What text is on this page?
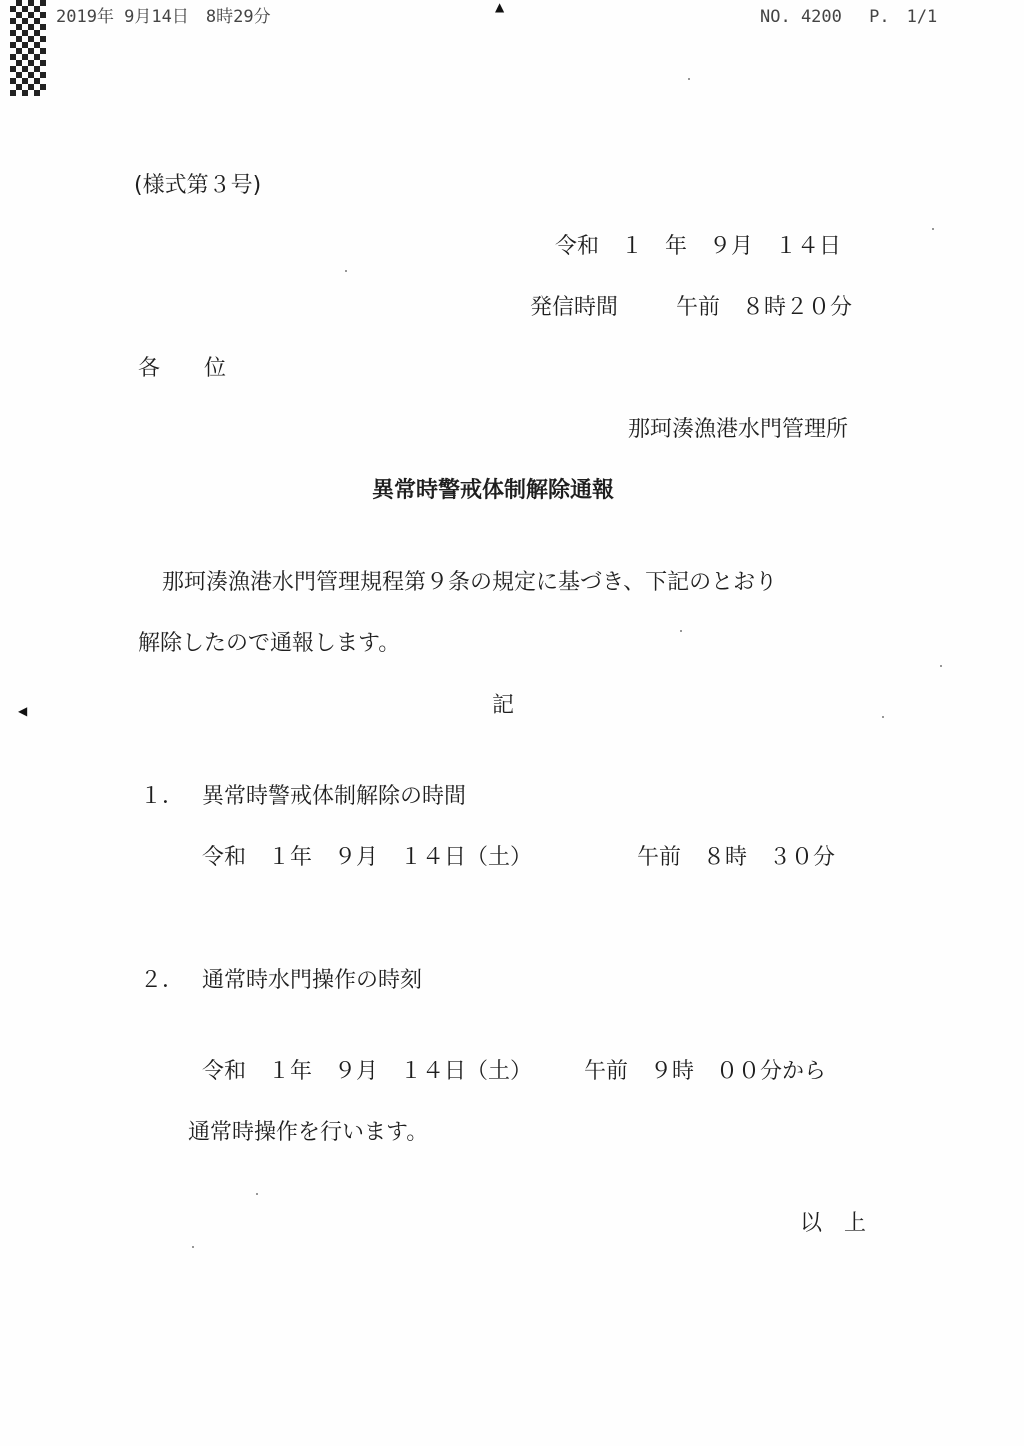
2019年 9月14日　8時29分	NO. 4200　 P.　1/1
▲
◀
(様式第３号)
令和　１　年　９月　１４日
発信時間	午前　８時２０分
各　　位
那珂湊漁港水門管理所
異常時警戒体制解除通報
那珂湊漁港水門管理規程第９条の規定に基づき、下記のとおり
解除したので通報します。
記
１． 異常時警戒体制解除の時間
令和　１年　９月　１４日（土）	午前　８時　３０分
２． 通常時水門操作の時刻
令和　１年　９月　１４日（土） 午前　９時　００分から
通常時操作を行います。
以　上
